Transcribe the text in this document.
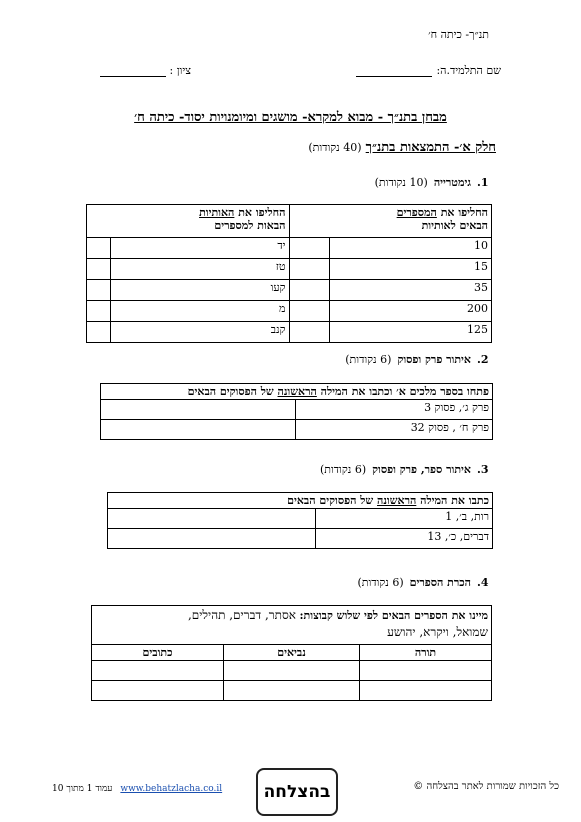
תנ״ך- כיתה ח׳
שם התלמיד.ה:
ציון :
מבחן בתנ״ך - מבוא למקרא- מושגים ומיומנויות יסוד- כיתה ח׳
חלק א׳- התמצאות בתנ״ך (40 נקודות)
1.
גימטרייה
(10 נקודות)
החליפו את המספרים
הבאים לאותיות		החליפו את האותיות
הבאות למספרים	
10		יד	
15		טז	
35		קעו	
200		מ	
125		קנב	
2.
איתור פרק ופסוק
(6 נקודות)
פתחו בספר מלכים א׳ וכתבו את המילה הראשונה של הפסוקים הבאים	
פרק ג׳, פסוק 3	
פרק ח׳ , פסוק 32	
3.
איתור ספר, פרק ופסוק
(6 נקודות)
כתבו את המילה הראשונה של הפסוקים הבאים	
רות, ב׳, 1	
דברים, כ׳, 13	
4.
הכרת הספרים
(6 נקודות)
מיינו את הספרים הבאים לפי שלוש קבוצות: אסתר, דברים, תהילים,
שמואל, ויקרא, יהושע		
תורה	נביאים	כתובים

כל הזכויות שמורות לאתר בהצלחה ©
בהצלחה
עמוד 1 מתוך 10 www.behatzlacha.co.il
